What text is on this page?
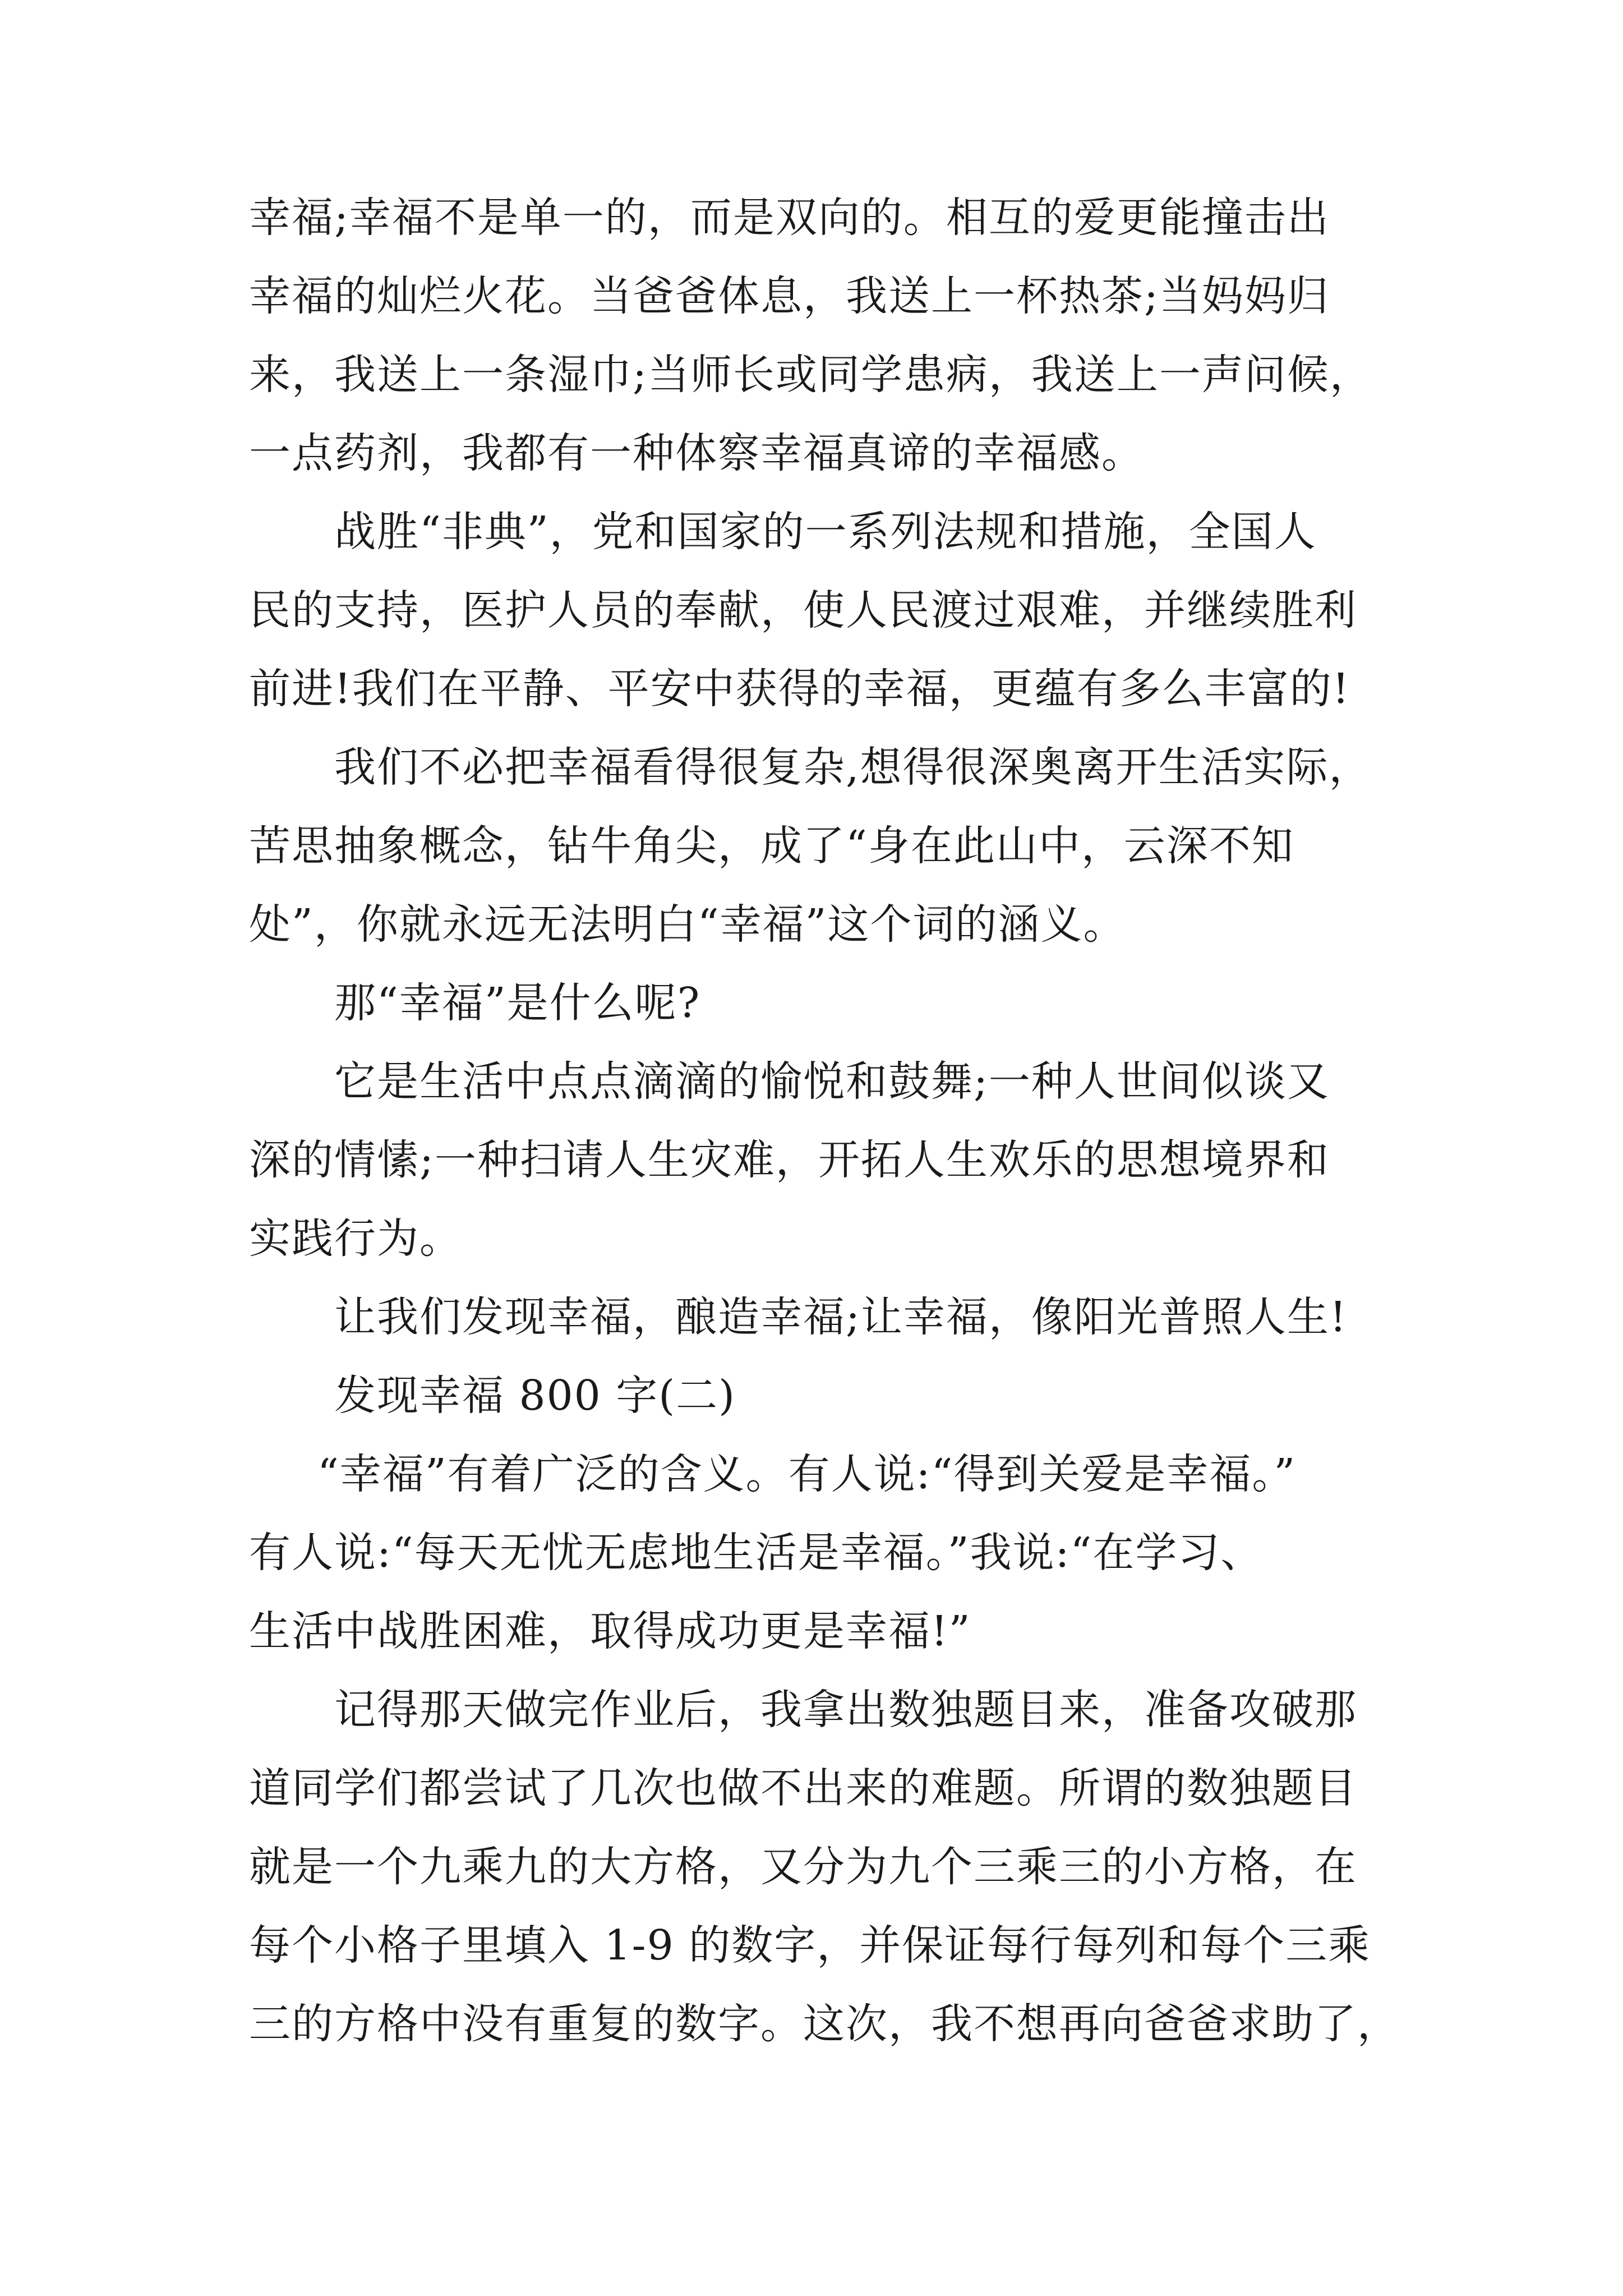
幸福;幸福不是单一的，而是双向的。相互的爱更能撞击出
幸福的灿烂火花。当爸爸体息，我送上一杯热茶;当妈妈归
来，我送上一条湿巾;当师长或同学患病，我送上一声问候，
一点药剂，我都有一种体察幸福真谛的幸福感。
战胜“非典”，党和国家的一系列法规和措施，全国人
民的支持，医护人员的奉献，使人民渡过艰难，并继续胜利
前进!我们在平静、平安中获得的幸福，更蕴有多么丰富的!
我们不必把幸福看得很复杂,想得很深奥离开生活实际，
苦思抽象概念，钻牛角尖，成了“身在此山中，云深不知
处”，你就永远无法明白“幸福”这个词的涵义。
那“幸福”是什么呢?
它是生活中点点滴滴的愉悦和鼓舞;一种人世间似谈又
深的情愫;一种扫请人生灾难，开拓人生欢乐的思想境界和
实践行为。
让我们发现幸福，酿造幸福;让幸福，像阳光普照人生!
发现幸福 800 字(二)
“幸福”有着广泛的含义。有人说:“得到关爱是幸福。”
有人说:“每天无忧无虑地生活是幸福。”我说:“在学习、
生活中战胜困难，取得成功更是幸福!”
记得那天做完作业后，我拿出数独题目来，准备攻破那
道同学们都尝试了几次也做不出来的难题。所谓的数独题目
就是一个九乘九的大方格，又分为九个三乘三的小方格，在
每个小格子里填入 1-9 的数字，并保证每行每列和每个三乘
三的方格中没有重复的数字。这次，我不想再向爸爸求助了，
